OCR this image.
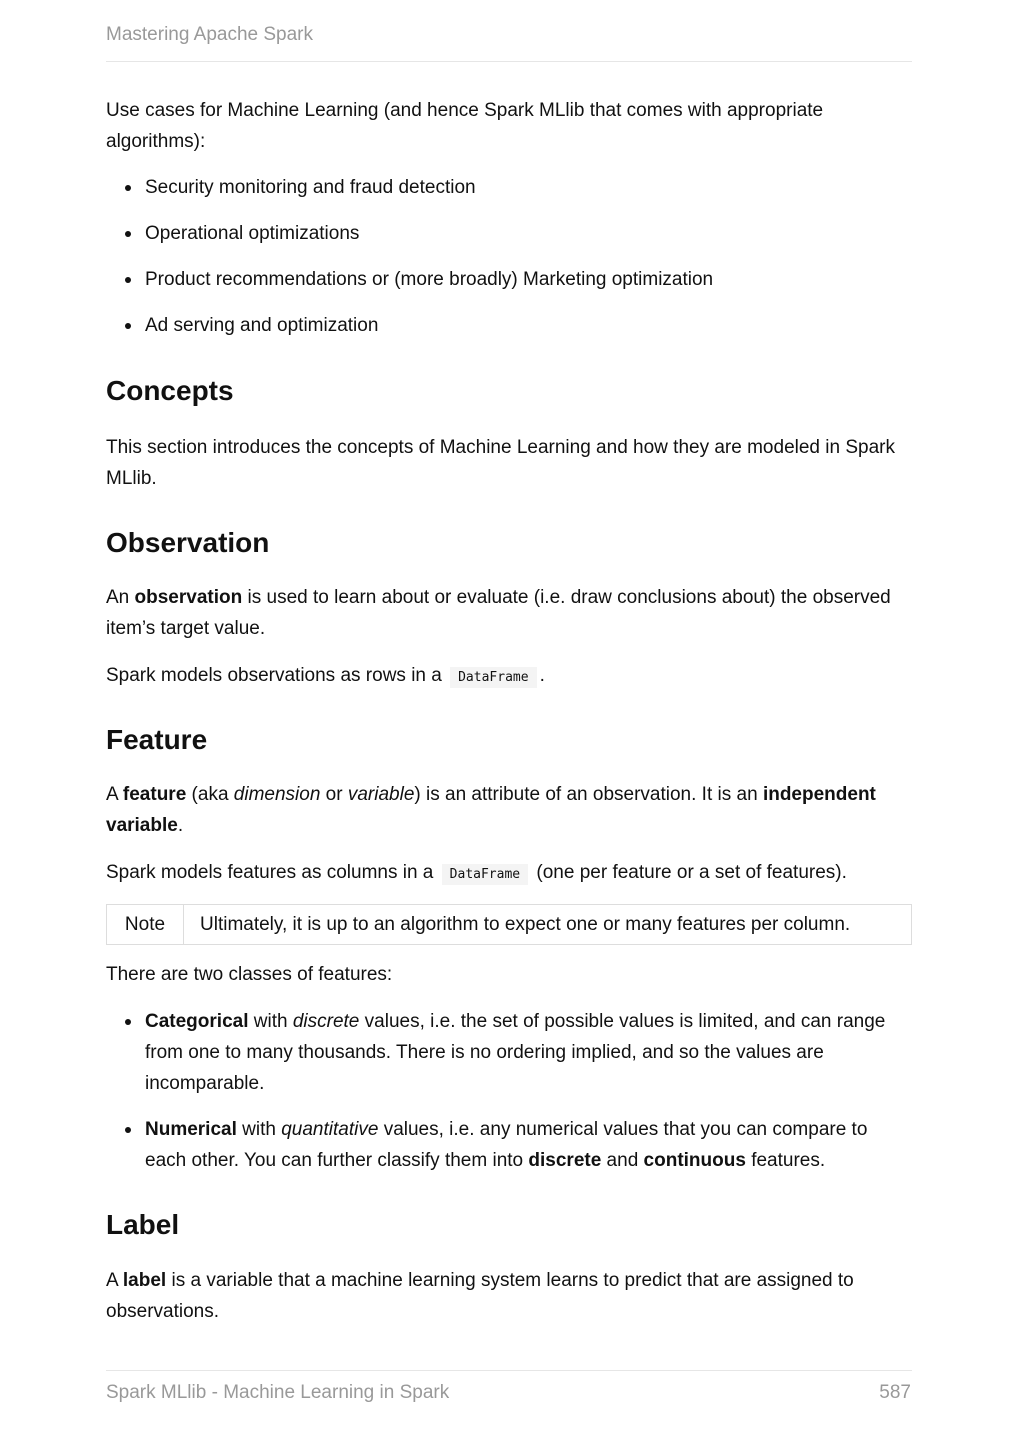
Mastering Apache Spark

Use cases for Machine Learning (and hence Spark MLlib that comes with appropriate algorithms):

Security monitoring and fraud detection
Operational optimizations
Product recommendations or (more broadly) Marketing optimization
Ad serving and optimization
Concepts

This section introduces the concepts of Machine Learning and how they are modeled in Spark MLlib.

Observation

An observation is used to learn about or evaluate (i.e. draw conclusions about) the observed item’s target value.

Spark models observations as rows in a DataFrame .

Feature

A feature (aka dimension or variable) is an attribute of an observation. It is an independent variable.

Spark models features as columns in a DataFrame (one per feature or a set of features).

Note	Ultimately, it is up to an algorithm to expect one or many features per column.

There are two classes of features:

Categorical with discrete values, i.e. the set of possible values is limited, and can range from one to many thousands. There is no ordering implied, and so the values are incomparable.
Numerical with quantitative values, i.e. any numerical values that you can compare to each other. You can further classify them into discrete and continuous features.
Label

A label is a variable that a machine learning system learns to predict that are assigned to observations.

Spark MLlib - Machine Learning in Spark	587
